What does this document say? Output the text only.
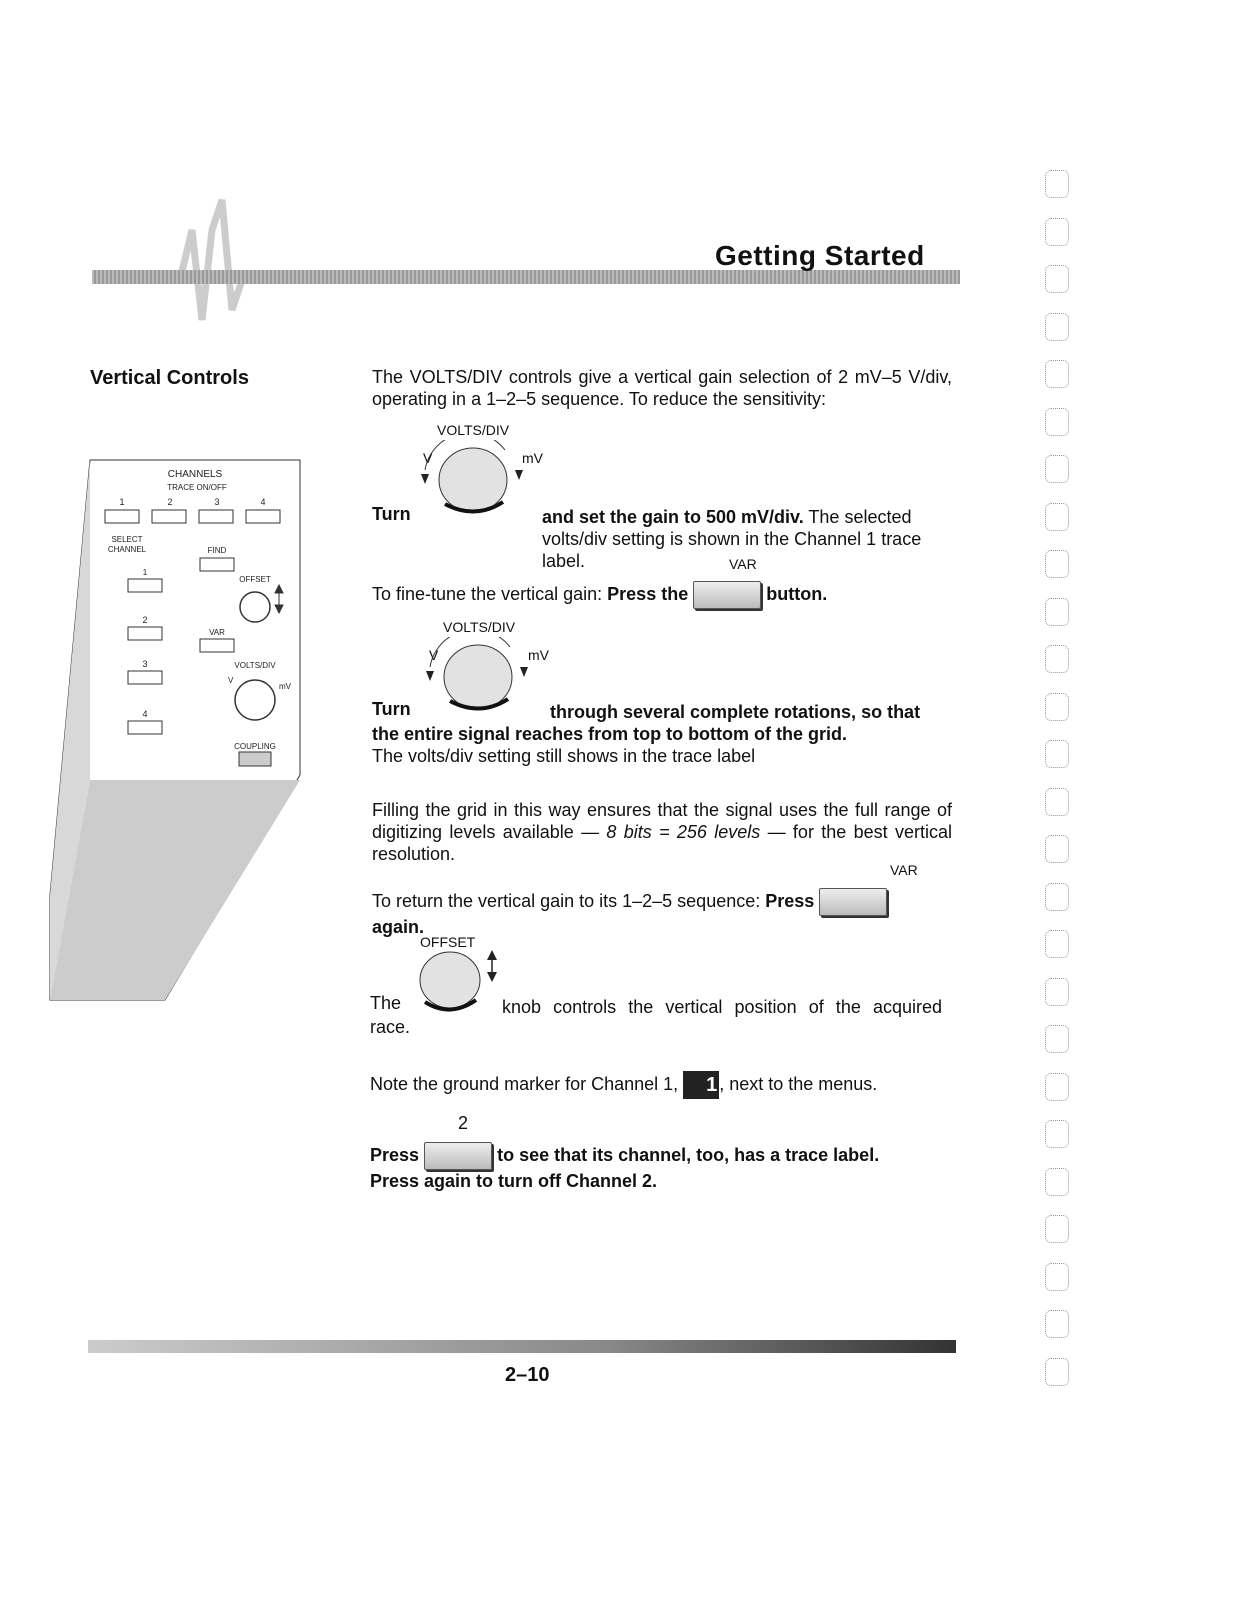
Getting Started
Vertical Controls
CHANNELS
TRACE ON/OFF
1	2	3	4
SELECT
CHANNEL	FIND
1
OFFSET
2
VAR
VOLTS/DIV
3
V
mV
4
COUPLING
The VOLTS/DIV controls give a vertical gain selection of 2 mV–5 V/div, operating in a 1–2–5 sequence. To reduce the sensitivity:
VOLTS/DIV
V	mV
Turn	and set the gain to 500 mV/div. The selected volts/div setting is shown in the Channel 1 trace label.	VAR
To fine-tune the vertical gain: Press the	button.
VOLTS/DIV
V	mV
Turn	through several complete rotations, so that the entire signal reaches from top to bottom of the grid.
The volts/div setting still shows in the trace label
Filling the grid in this way ensures that the signal uses the full range of digitizing levels available — 8 bits = 256 levels — for the best vertical resolution.
VAR
To return the vertical gain to its 1–2–5 sequence: Press
again.
OFFSET
The	knob controls the vertical position of the acquired
race.
Note the ground marker for Channel 1, 1 , next to the menus.
2
Press	to see that its channel, too, has a trace label.
Press again to turn off Channel 2.
2–10
